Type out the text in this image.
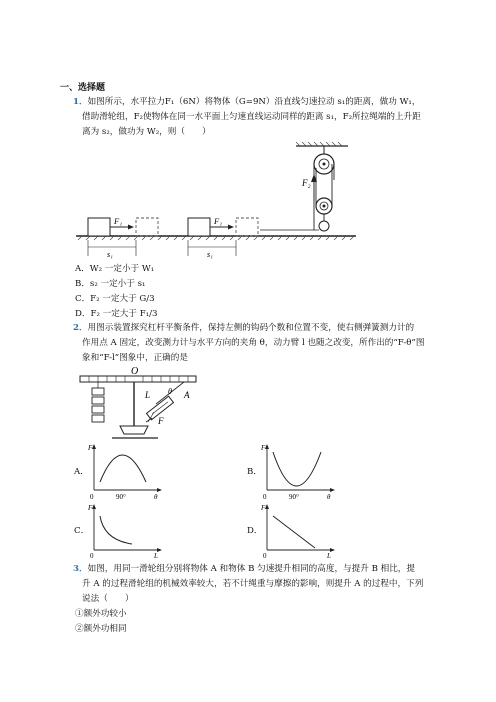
一、选择题
1．如图所示，水平拉力F₁（6N）将物体（G=9N）沿直线匀速拉动 s₁的距离，做功 W₁，
借助滑轮组，F₂使物体在同一水平面上匀速直线运动同样的距离 s₁，F₂所拉绳端的上升距
离为 s₂，做功为 W₂，则（　　）
F₂
F₁
s₁
F₁
s₁
A．W₂ 一定小于 W₁
B．s₂ 一定小于 s₁
C．F₂ 一定大于 G/3
D．F₂ 一定大于 F₁/3
2．用图示装置探究杠杆平衡条件，保持左侧的钩码个数和位置不变，使右侧弹簧测力计的
作用点 A 固定，改变测力计与水平方向的夹角 θ，动力臂 l 也随之改变，所作出的“F-θ”图
象和“F-l”图象中，正确的是
O
A
L θ
F
A．
F
0	90°	θ
B．
F
0	90°	θ
C．
F
0	L
D．
F
0	L
3．如图，用同一滑轮组分别将物体 A 和物体 B 匀速提升相同的高度，与提升 B 相比，提
升 A 的过程滑轮组的机械效率较大，若不计绳重与摩擦的影响，则提升 A 的过程中，下列
说法（　　）
①额外功较小
②额外功相同
